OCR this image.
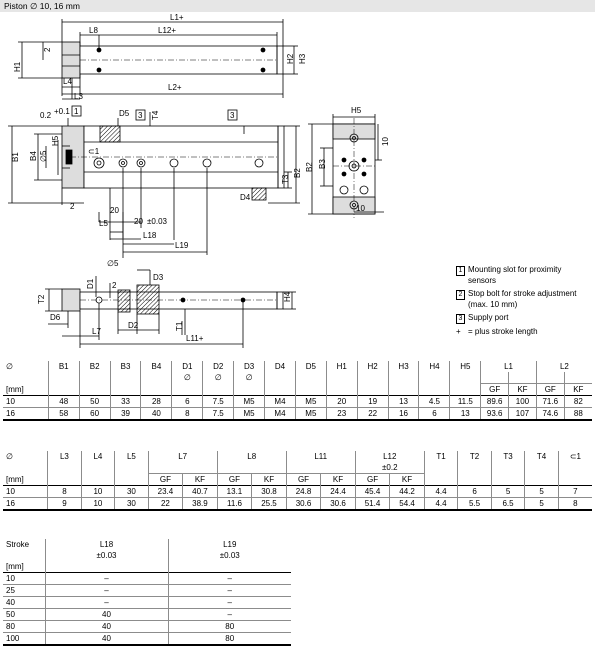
Piston ∅ 10, 16 mm
L1+
L8	L12+
H1
2
H2 H3
L4
L3
L2+
0.2 +0.1	D5	T4
B1 B4 ∅5
H5
⊂1
B2
T3
D4
20
20 ±0.03
L5
L18
L19
2
H5
B3
B2
10
10
∅5
D3
D1
T2	H4
D6
L7
D2	T1
L11+
2
1	3	3
1 Mounting slot for proximity sensors
2 Stop bolt for stroke adjustment (max. 10 mm)
3 Supply port
+ = plus stroke length
∅	B1	B2	B3	B4	D1	D2	D3	D4	D5	H1	H2	H3	H4	H5	L1		L2	
					∅	∅	∅											
[mm]															GF	KF	GF	KF
10	48	50	33	28	6	7.5	M5	M4	M5	20	19	13	4.5	11.5	89.6	100	71.6	82
16	58	60	39	40	8	7.5	M5	M4	M5	23	22	16	6	13	93.6	107	74.6	88
∅	L3	L4	L5	L7		L8		L11		L12		T1	T2	T3	T4	⊂1
										±0.2						
[mm]				GF	KF	GF	KF	GF	KF	GF	KF					
10	8	10	30	23.4	40.7	13.1	30.8	24.8	24.4	45.4	44.2	4.4	6	5	5	7
16	9	10	30	22	38.9	11.6	25.5	30.6	30.6	51.4	54.4	4.4	5.5	6.5	5	8
Stroke	L18	L19
	±0.03	±0.03
[mm]		
10	–	–
25	–	–
40	–	–
50	40	–
80	40	80
100	40	80
